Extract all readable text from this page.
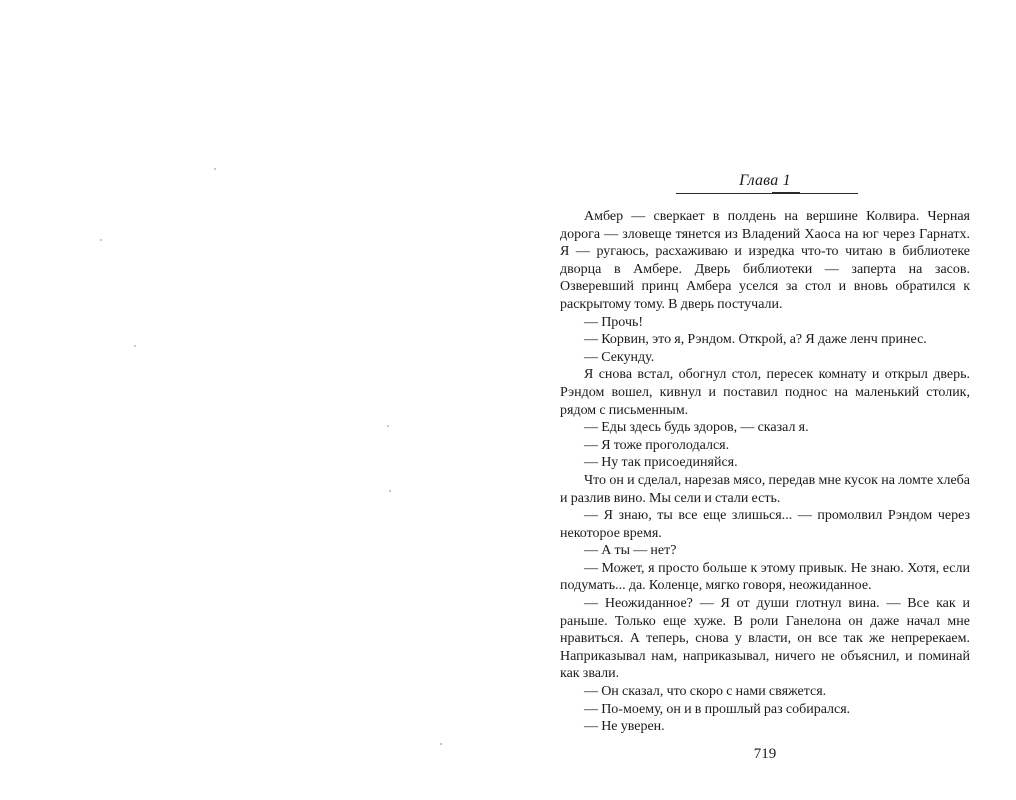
Глава 1

Амбер — сверкает в полдень на вершине Колвира. Черная дорога — зловеще тянется из Владений Хаоса на юг через Гарнатх. Я — ругаюсь, расхаживаю и изредка что-то читаю в библиотеке дворца в Амбере. Дверь библиотеки — заперта на засов. Озверевший принц Амбера уселся за стол и вновь обратился к раскрытому тому. В дверь постучали.

— Прочь!

— Корвин, это я, Рэндом. Открой, а? Я даже ленч принес.

— Секунду.

Я снова встал, обогнул стол, пересек комнату и открыл дверь. Рэндом вошел, кивнул и поставил поднос на маленький столик, рядом с письменным.

— Еды здесь будь здоров, — сказал я.

— Я тоже проголодался.

— Ну так присоединяйся.

Что он и сделал, нарезав мясо, передав мне кусок на ломте хлеба и разлив вино. Мы сели и стали есть.

— Я знаю, ты все еще злишься... — промолвил Рэндом через некоторое время.

— А ты — нет?

— Может, я просто больше к этому привык. Не знаю. Хотя, если подумать... да. Коленце, мягко говоря, неожиданное.

— Неожиданное? — Я от души глотнул вина. — Все как и раньше. Только еще хуже. В роли Ганелона он даже начал мне нравиться. А теперь, снова у власти, он все так же непререкаем. Наприказывал нам, наприказывал, ничего не объяснил, и поминай как звали.

— Он сказал, что скоро с нами свяжется.

— По-моему, он и в прошлый раз собирался.

— Не уверен.

719
